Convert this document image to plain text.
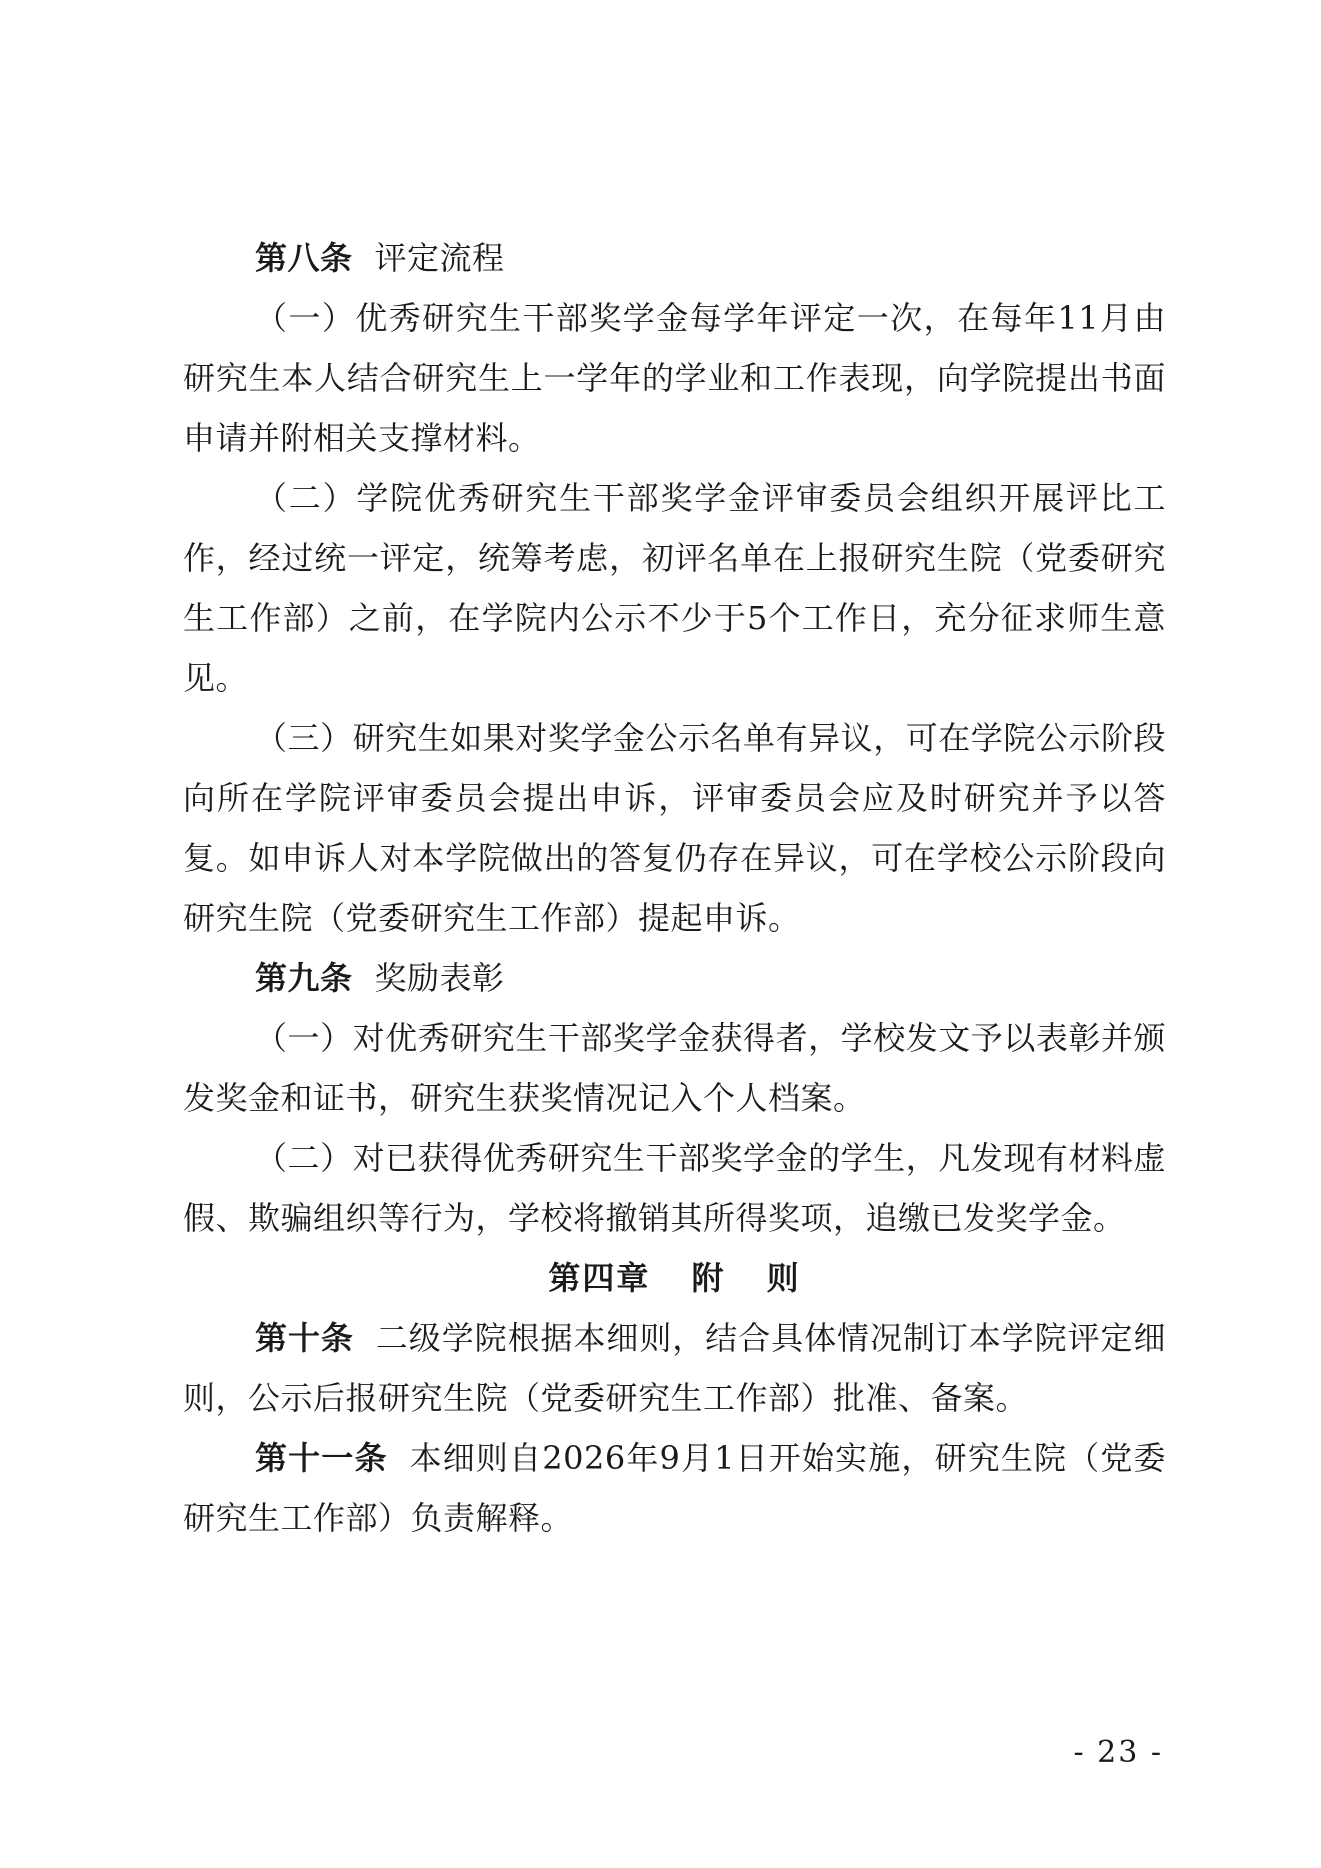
第八条 评定流程

（一）优秀研究生干部奖学金每学年评定一次，在每年11月由研究生本人结合研究生上一学年的学业和工作表现，向学院提出书面申请并附相关支撑材料。

（二）学院优秀研究生干部奖学金评审委员会组织开展评比工作，经过统一评定，统筹考虑，初评名单在上报研究生院（党委研究生工作部）之前，在学院内公示不少于5个工作日，充分征求师生意见。

（三）研究生如果对奖学金公示名单有异议，可在学院公示阶段向所在学院评审委员会提出申诉，评审委员会应及时研究并予以答复。如申诉人对本学院做出的答复仍存在异议，可在学校公示阶段向研究生院（党委研究生工作部）提起申诉。

第九条 奖励表彰

（一）对优秀研究生干部奖学金获得者，学校发文予以表彰并颁发奖金和证书，研究生获奖情况记入个人档案。

（二）对已获得优秀研究生干部奖学金的学生，凡发现有材料虚假、欺骗组织等行为，学校将撤销其所得奖项，追缴已发奖学金。

第四章 附 则

第十条 二级学院根据本细则，结合具体情况制订本学院评定细则，公示后报研究生院（党委研究生工作部）批准、备案。

第十一条 本细则自2026年9月1日开始实施，研究生院（党委研究生工作部）负责解释。

- 23 -
